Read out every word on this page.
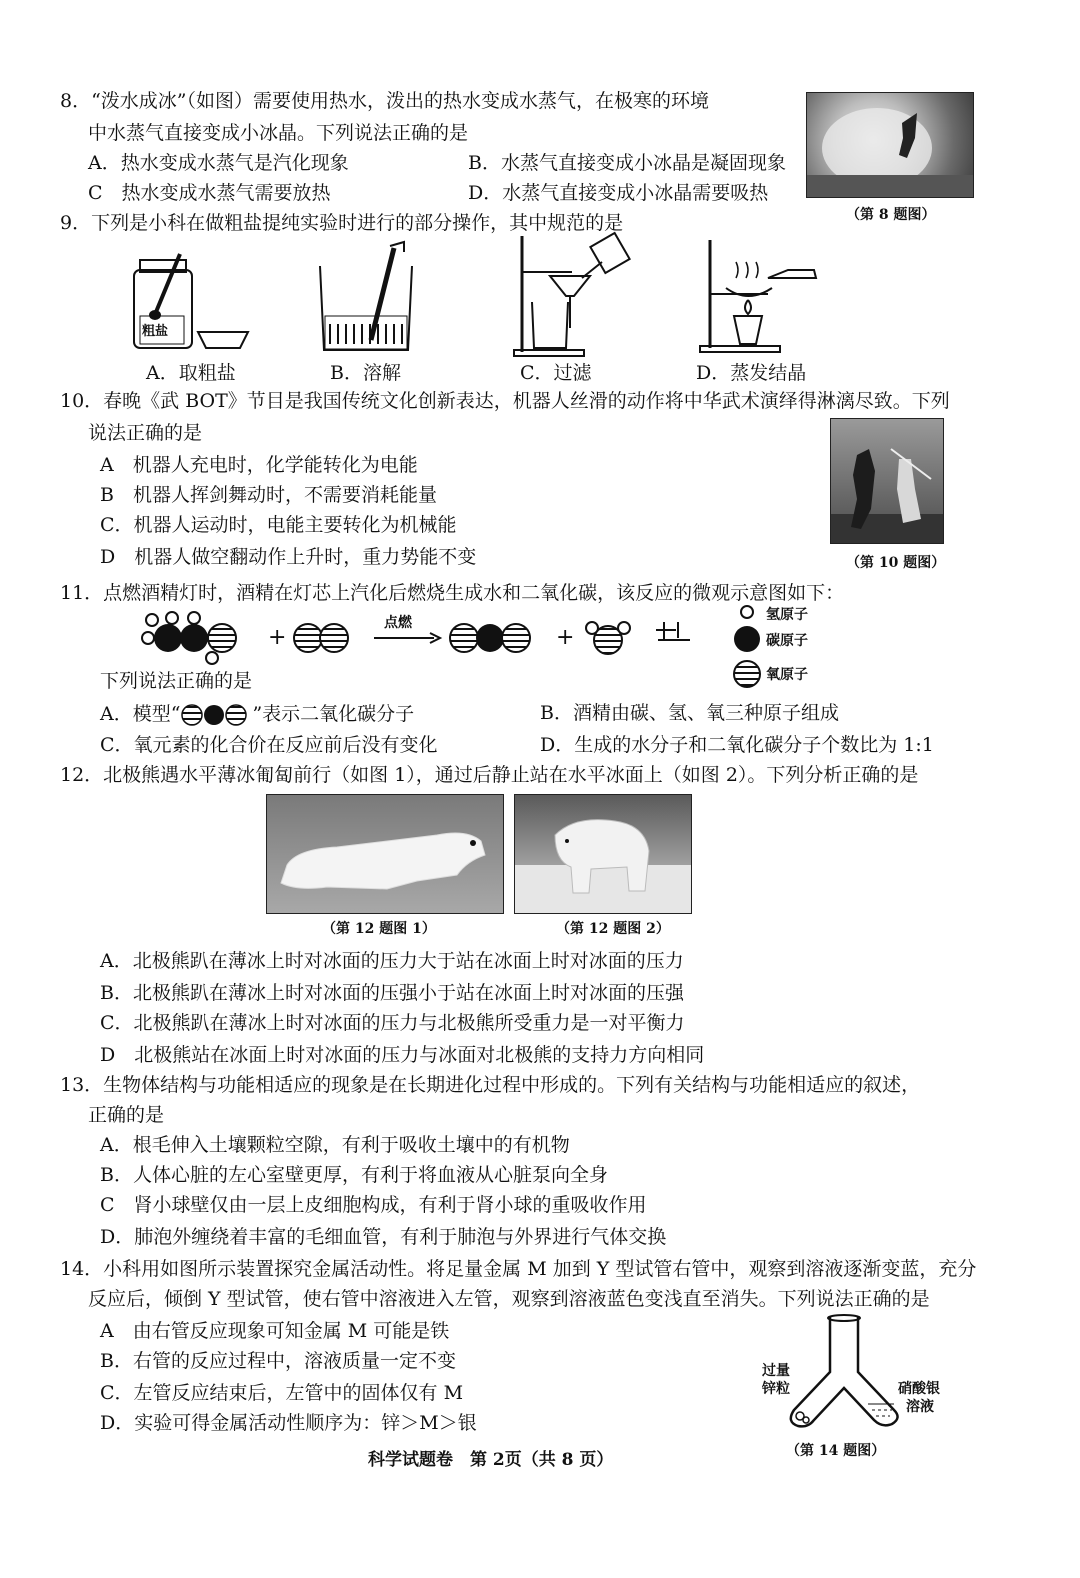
8．“泼水成冰”（如图）需要使用热水，泼出的热水变成水蒸气，在极寒的环境
中水蒸气直接变成小冰晶。下列说法正确的是
A．热水变成水蒸气是汽化现象	B．水蒸气直接变成小冰晶是凝固现象
C　热水变成水蒸气需要放热	D．水蒸气直接变成小冰晶需要吸热
（第 8 题图）
9．下列是小科在做粗盐提纯实验时进行的部分操作，其中规范的是
粗盐
A．取粗盐	B．溶解	C．过滤	D．蒸发结晶
10．春晚《武 BOT》节目是我国传统文化创新表达，机器人丝滑的动作将中华武术演绎得淋漓尽致。下列
说法正确的是
A　机器人充电时，化学能转化为电能
B　机器人挥剑舞动时，不需要消耗能量
C．机器人运动时，电能主要转化为机械能
D　机器人做空翻动作上升时，重力势能不变	（第 10 题图）
11．点燃酒精灯时，酒精在灯芯上汽化后燃烧生成水和二氧化碳，该反应的微观示意图如下：
+	+
点燃	氢原子
碳原子
氧原子
下列说法正确的是
A．模型“	”表示二氧化碳分子	B．酒精由碳、氢、氧三种原子组成
C．氧元素的化合价在反应前后没有变化	D．生成的水分子和二氧化碳分子个数比为 1:1
12．北极熊遇水平薄冰匍匐前行（如图 1），通过后静止站在水平冰面上（如图 2）。下列分析正确的是
（第 12 题图 1）	（第 12 题图 2）
A．北极熊趴在薄冰上时对冰面的压力大于站在冰面上时对冰面的压力
B．北极熊趴在薄冰上时对冰面的压强小于站在冰面上时对冰面的压强
C．北极熊趴在薄冰上时对冰面的压力与北极熊所受重力是一对平衡力
D　北极熊站在冰面上时对冰面的压力与冰面对北极熊的支持力方向相同
13．生物体结构与功能相适应的现象是在长期进化过程中形成的。下列有关结构与功能相适应的叙述，
正确的是
A．根毛伸入土壤颗粒空隙，有利于吸收土壤中的有机物
B．人体心脏的左心室壁更厚，有利于将血液从心脏泵向全身
C　肾小球壁仅由一层上皮细胞构成，有利于肾小球的重吸收作用
D．肺泡外缠绕着丰富的毛细血管，有利于肺泡与外界进行气体交换
14．小科用如图所示装置探究金属活动性。将足量金属 M 加到 Y 型试管右管中，观察到溶液逐渐变蓝，充分
反应后，倾倒 Y 型试管，使右管中溶液进入左管，观察到溶液蓝色变浅直至消失。下列说法正确的是
A　由右管反应现象可知金属 M 可能是铁
B．右管的反应过程中，溶液质量一定不变
C．左管反应结束后，左管中的固体仅有 M
D．实验可得金属活动性顺序为：锌＞M＞银
过量
锌粒	硝酸银
溶液
（第 14 题图）
科学试题卷　第 2页（共 8 页）
